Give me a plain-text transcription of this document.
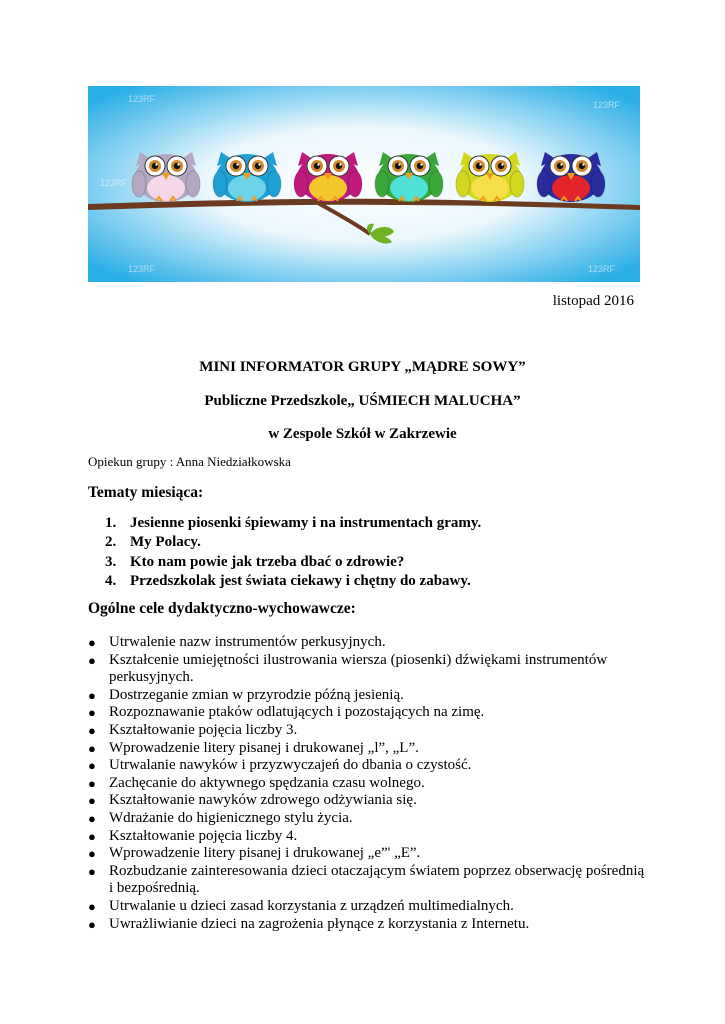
123RF
123RF
123RF
123RF	123RF
listopad 2016
MINI INFORMATOR GRUPY „MĄDRE SOWY”
Publiczne Przedszkole„ UŚMIECH MALUCHA”
w Zespole Szkół w Zakrzewie
Opiekun grupy : Anna Niedziałkowska
Tematy miesiąca:
1. Jesienne piosenki śpiewamy i na instrumentach gramy.
2. My Polacy.
3. Kto nam powie jak trzeba dbać o zdrowie?
4. Przedszkolak jest świata ciekawy i chętny do zabawy.
Ogólne cele dydaktyczno-wychowawcze:
● Utrwalenie nazw instrumentów perkusyjnych.
● Kształcenie umiejętności ilustrowania wiersza (piosenki) dźwiękami instrumentów perkusyjnych.
● Dostrzeganie zmian w przyrodzie późną jesienią.
● Rozpoznawanie ptaków odlatujących i pozostających na zimę.
● Kształtowanie pojęcia liczby 3.
● Wprowadzenie litery pisanej i drukowanej „l”, „L”.
● Utrwalanie nawyków i przyzwyczajeń do dbania o czystość.
● Zachęcanie do aktywnego spędzania czasu wolnego.
● Kształtowanie nawyków zdrowego odżywiania się.
● Wdrażanie do higienicznego stylu życia.
● Kształtowanie pojęcia liczby 4.
● Wprowadzenie litery pisanej i drukowanej „e”' „E”.
● Rozbudzanie zainteresowania dzieci otaczającym światem poprzez obserwację pośrednią i bezpośrednią.
● Utrwalanie u dzieci zasad korzystania z urządzeń multimedialnych.
● Uwrażliwianie dzieci na zagrożenia płynące z korzystania z Internetu.
